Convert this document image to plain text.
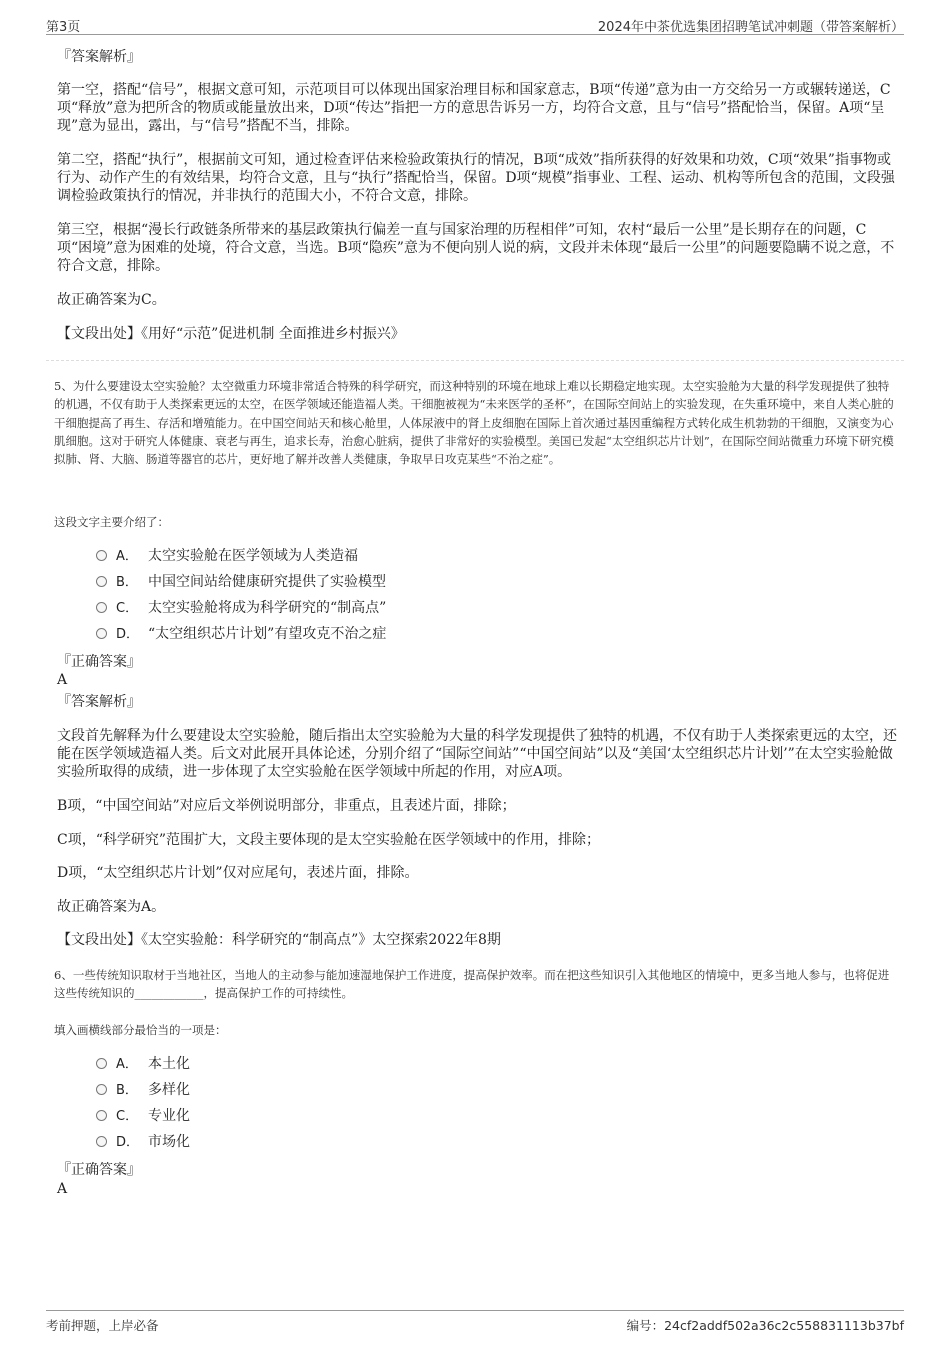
第3页	2024年中茶优选集团招聘笔试冲刺题（带答案解析）
『答案解析』
第一空，搭配“信号”，根据文意可知，示范项目可以体现出国家治理目标和国家意志，B项“传递”意为由一方交给另一方或辗转递送，C项“释放”意为把所含的物质或能量放出来，D项“传达”指把一方的意思告诉另一方，均符合文意，且与“信号”搭配恰当，保留。A项“呈现”意为显出，露出，与“信号”搭配不当，排除。
第二空，搭配“执行”，根据前文可知，通过检查评估来检验政策执行的情况，B项“成效”指所获得的好效果和功效，C项“效果”指事物或行为、动作产生的有效结果，均符合文意，且与“执行”搭配恰当，保留。D项“规模”指事业、工程、运动、机构等所包含的范围，文段强调检验政策执行的情况，并非执行的范围大小，不符合文意，排除。
第三空，根据“漫长行政链条所带来的基层政策执行偏差一直与国家治理的历程相伴”可知，农村“最后一公里”是长期存在的问题，C项“困境”意为困难的处境，符合文意，当选。B项“隐疾”意为不便向别人说的病，文段并未体现“最后一公里”的问题要隐瞒不说之意，不符合文意，排除。
故正确答案为C。
【文段出处】《用好“示范”促进机制 全面推进乡村振兴》
5、为什么要建设太空实验舱？太空微重力环境非常适合特殊的科学研究，而这种特别的环境在地球上难以长期稳定地实现。太空实验舱为大量的科学发现提供了独特的机遇，不仅有助于人类探索更远的太空，在医学领域还能造福人类。干细胞被视为“未来医学的圣杯”，在国际空间站上的实验发现，在失重环境中，来自人类心脏的干细胞提高了再生、存活和增殖能力。在中国空间站天和核心舱里，人体尿液中的肾上皮细胞在国际上首次通过基因重编程方式转化成生机勃勃的干细胞，又演变为心肌细胞。这对于研究人体健康、衰老与再生，追求长寿，治愈心脏病，提供了非常好的实验模型。美国已发起“太空组织芯片计划”，在国际空间站微重力环境下研究模拟肺、肾、大脑、肠道等器官的芯片，更好地了解并改善人类健康，争取早日攻克某些“不治之症”。
这段文字主要介绍了：
A． 太空实验舱在医学领域为人类造福
B． 中国空间站给健康研究提供了实验模型
C． 太空实验舱将成为科学研究的“制高点”
D． “太空组织芯片计划”有望攻克不治之症
『正确答案』
A
『答案解析』
文段首先解释为什么要建设太空实验舱，随后指出太空实验舱为大量的科学发现提供了独特的机遇，不仅有助于人类探索更远的太空，还能在医学领域造福人类。后文对此展开具体论述，分别介绍了“国际空间站”“中国空间站”以及“美国‘太空组织芯片计划’”在太空实验舱做实验所取得的成绩，进一步体现了太空实验舱在医学领域中所起的作用，对应A项。
B项，“中国空间站”对应后文举例说明部分，非重点，且表述片面，排除；
C项，“科学研究”范围扩大，文段主要体现的是太空实验舱在医学领域中的作用，排除；
D项，“太空组织芯片计划”仅对应尾句，表述片面，排除。
故正确答案为A。
【文段出处】《太空实验舱：科学研究的“制高点”》太空探索2022年8期
6、一些传统知识取材于当地社区，当地人的主动参与能加速湿地保护工作进度，提高保护效率。而在把这些知识引入其他地区的情境中，更多当地人参与，也将促进这些传统知识的____________，提高保护工作的可持续性。
填入画横线部分最恰当的一项是：
A． 本土化
B． 多样化
C． 专业化
D． 市场化
『正确答案』
A
考前押题，上岸必备	编号：24cf2addf502a36c2c558831113b37bf
